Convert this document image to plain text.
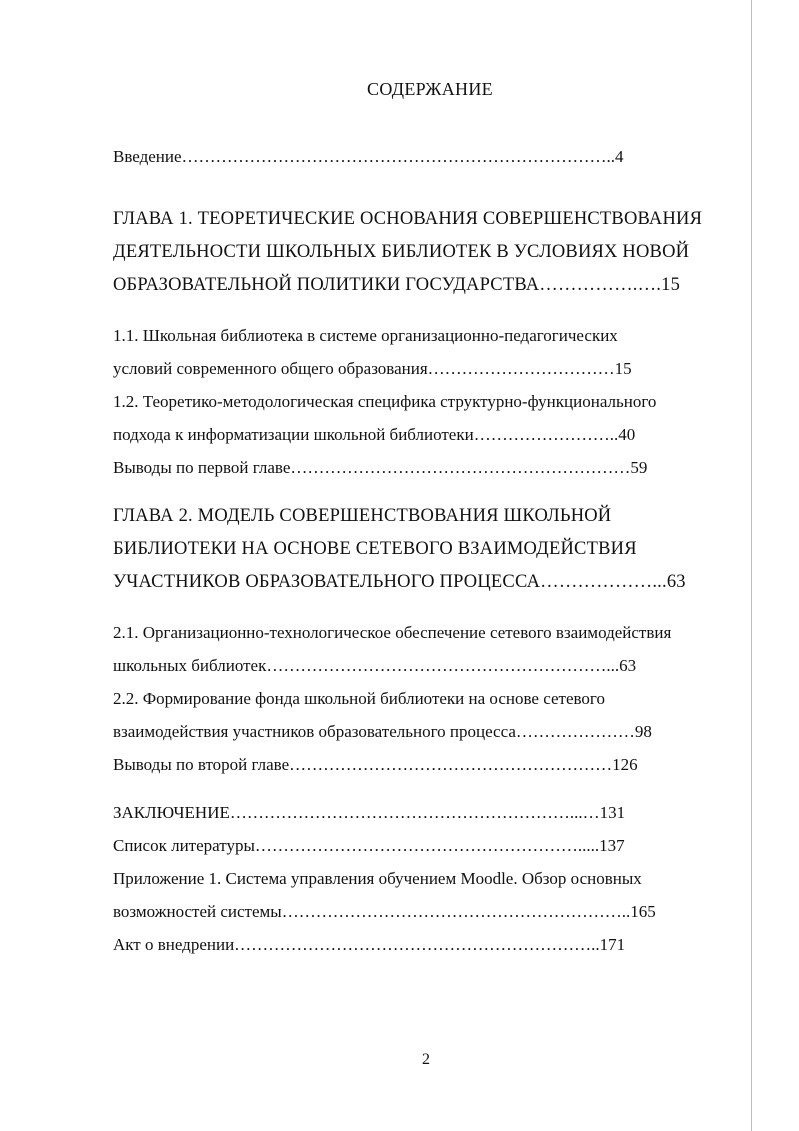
СОДЕРЖАНИЕ
Введение…………………………………………………………………..4
ГЛАВА 1. ТЕОРЕТИЧЕСКИЕ ОСНОВАНИЯ СОВЕРШЕНСТВОВАНИЯ
ДЕЯТЕЛЬНОСТИ ШКОЛЬНЫХ БИБЛИОТЕК В УСЛОВИЯХ НОВОЙ
ОБРАЗОВАТЕЛЬНОЙ ПОЛИТИКИ ГОСУДАРСТВА…………….….15
1.1. Школьная библиотека в системе организационно-педагогических
условий современного общего образования……………………………15
1.2. Теоретико-методологическая специфика структурно-функционального
подхода к информатизации школьной библиотеки……………………..40
Выводы по первой главе……………………………………………………59
ГЛАВА 2. МОДЕЛЬ СОВЕРШЕНСТВОВАНИЯ ШКОЛЬНОЙ
БИБЛИОТЕКИ НА ОСНОВЕ СЕТЕВОГО ВЗАИМОДЕЙСТВИЯ
УЧАСТНИКОВ ОБРАЗОВАТЕЛЬНОГО ПРОЦЕССА………………...63
2.1. Организационно-технологическое обеспечение сетевого взаимодействия
школьных библиотек……………………………………………………...63
2.2. Формирование фонда школьной библиотеки на основе сетевого
взаимодействия участников образовательного процесса…………………98
Выводы по второй главе…………………………………………………126
ЗАКЛЮЧЕНИЕ……………………………………………………...…131
Список литературы………………………………………………….....137
Приложение 1. Система управления обучением Moodle. Обзор основных
возможностей системы……………………………………………………..165
Акт о внедрении………………………………………………………..171
2
